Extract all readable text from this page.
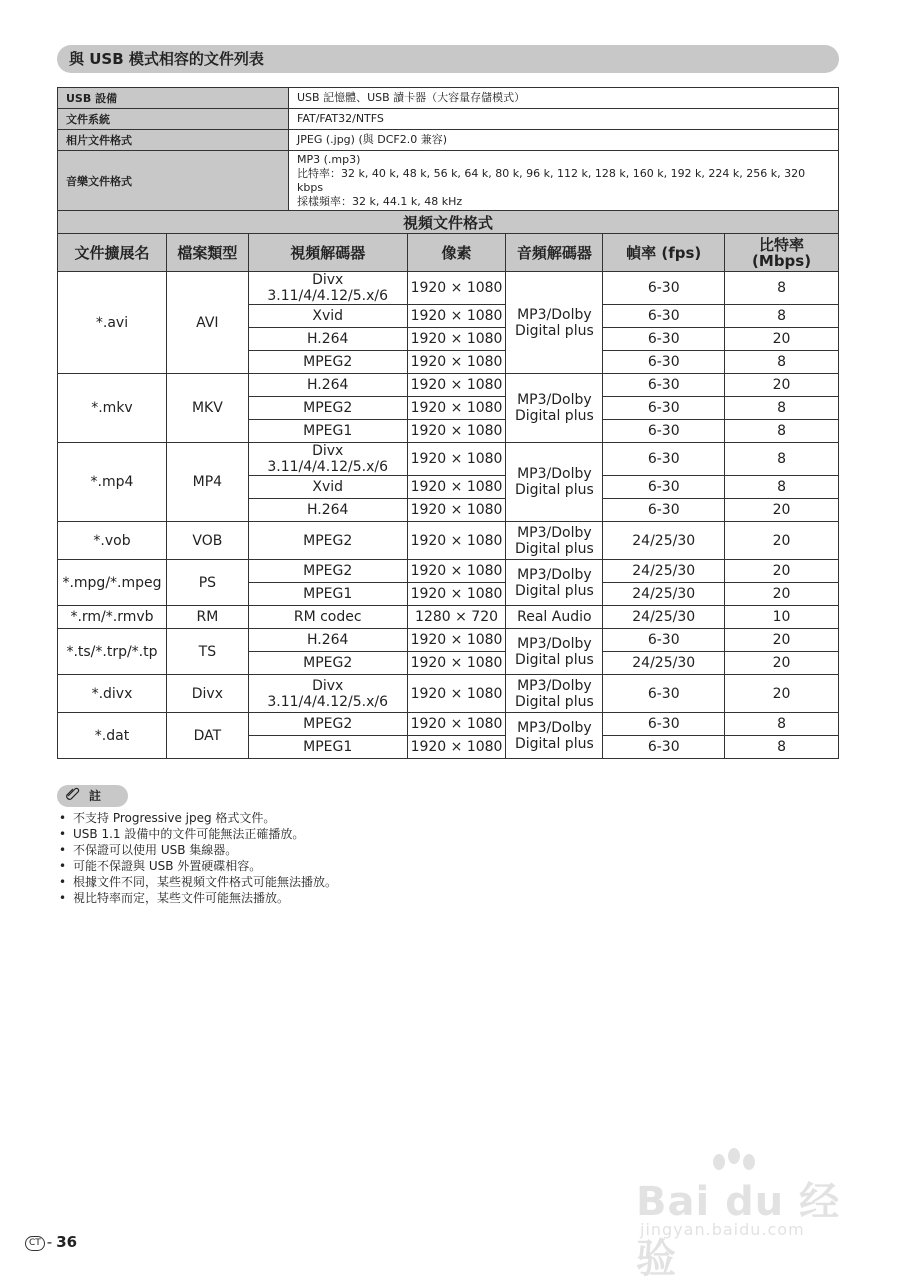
與 USB 模式相容的文件列表
USB 設備	USB 記憶體、USB 讀卡器（大容量存儲模式）
文件系統	FAT/FAT32/NTFS
相片文件格式	JPEG (.jpg) (與 DCF2.0 兼容)
音樂文件格式	MP3 (.mp3)
比特率：32 k, 40 k, 48 k, 56 k, 64 k, 80 k, 96 k, 112 k, 128 k, 160 k, 192 k, 224 k, 256 k, 320 kbps
採樣頻率：32 k, 44.1 k, 48 kHz
視頻文件格式						
文件擴展名	檔案類型	視頻解碼器	像素	音頻解碼器	幀率 (fps)	比特率 (Mbps)
*.avi	AVI	Divx 3.11/4/4.12/5.x/6	1920 × 1080	MP3/Dolby Digital plus	6-30	8
		Xvid	1920 × 1080		6-30	8
		H.264	1920 × 1080		6-30	20
		MPEG2	1920 × 1080		6-30	8
*.mkv	MKV	H.264	1920 × 1080	MP3/Dolby Digital plus	6-30	20
		MPEG2	1920 × 1080		6-30	8
		MPEG1	1920 × 1080		6-30	8
*.mp4	MP4	Divx 3.11/4/4.12/5.x/6	1920 × 1080	MP3/Dolby Digital plus	6-30	8
		Xvid	1920 × 1080		6-30	8
		H.264	1920 × 1080		6-30	20
*.vob	VOB	MPEG2	1920 × 1080	MP3/Dolby Digital plus	24/25/30	20
*.mpg/*.mpeg	PS	MPEG2	1920 × 1080	MP3/Dolby Digital plus	24/25/30	20
		MPEG1	1920 × 1080		24/25/30	20
*.rm/*.rmvb	RM	RM codec	1280 × 720	Real Audio	24/25/30	10
*.ts/*.trp/*.tp	TS	H.264	1920 × 1080	MP3/Dolby Digital plus	6-30	20
		MPEG2	1920 × 1080		24/25/30	20
*.divx	Divx	Divx 3.11/4/4.12/5.x/6	1920 × 1080	MP3/Dolby Digital plus	6-30	20
*.dat	DAT	MPEG2	1920 × 1080	MP3/Dolby Digital plus	6-30	8
		MPEG1	1920 × 1080		6-30	8
註
• 不支持 Progressive jpeg 格式文件。
• USB 1.1 設備中的文件可能無法正確播放。
• 不保證可以使用 USB 集線器。
• 可能不保證與 USB 外置硬碟相容。
• 根據文件不同，某些視頻文件格式可能無法播放。
• 視比特率而定，某些文件可能無法播放。
Bai du 经验
jingyan.baidu.com
CT - 36
